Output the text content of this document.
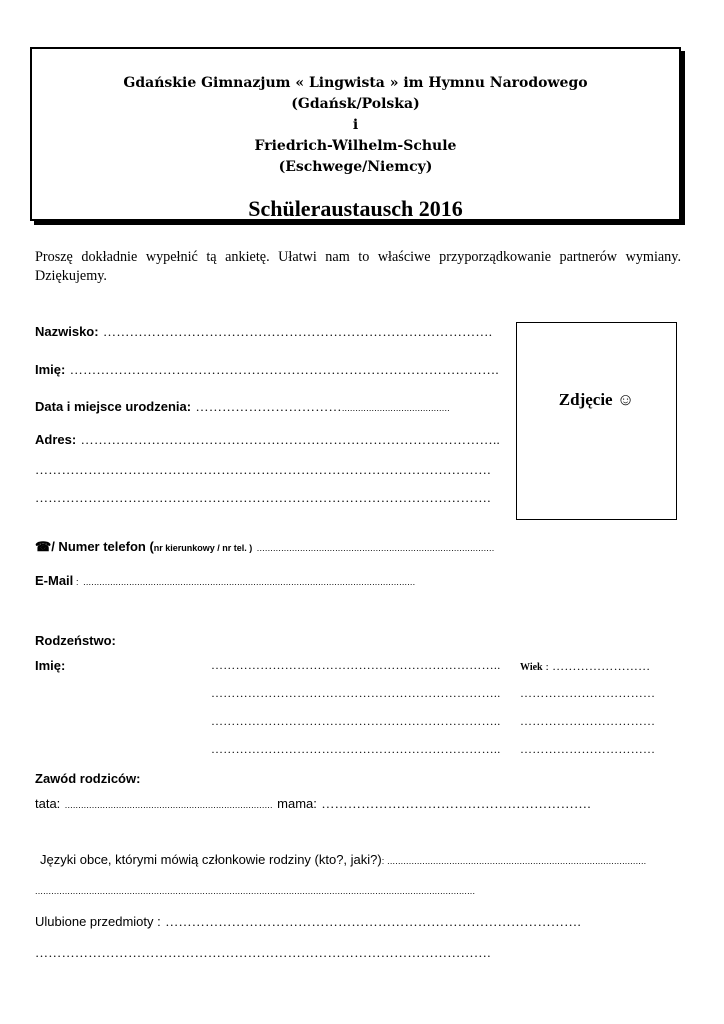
Gdańskie Gimnazjum « Lingwista » im Hymnu Narodowego
(Gdańsk/Polska)
i
Friedrich-Wilhelm-Schule
(Eschwege/Niemcy)
Schüleraustausch 2016
Proszę dokładnie wypełnić tą ankietę. Ułatwi nam to właściwe przyporządkowanie partnerów wymiany. Dziękujemy.
Zdjęcie ☺
Nazwisko: …………………………………………………………………………….
Imię: …………………………………………………………………………………….
Data i miejsce urodzenia: ……………………………........................................
Adres: …………………………………………………………………………………..
………………………………………………………………………………………….
………………………………………………………………………………………….
☎/ Numer telefon (nr kierunkowy / nr tel. ) ........................................................................................
E-Mail : ...........................................................................................................................
Rodzeństwo:
Imię:	……………………………………………………………..
……………………………………………………………..
……………………………………………………………..
……………………………………………………………..
Wiek : ……………………
……………………………
……………………………
……………………………
Zawód rodziców:
tata: ............................................................................. mama: …………………………………………………….
Języki obce, którymi mówią członkowie rodziny (kto?, jaki?): ................................................................................................
...................................................................................................................................................................
Ulubione przedmioty : ………………………………………………………………………………….
………………………………………………………………………………………….
